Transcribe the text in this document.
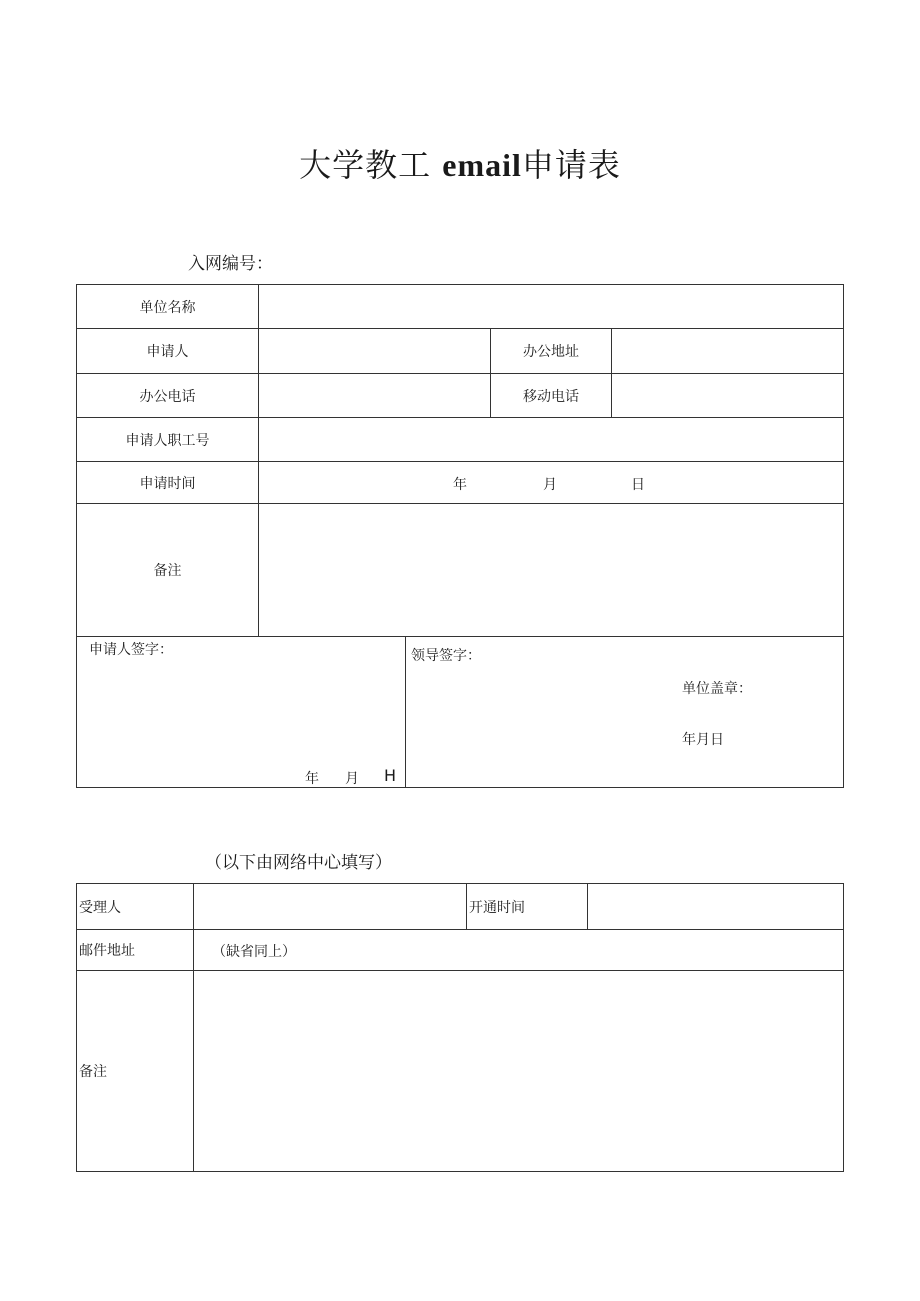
大学教工 email申请表
入网编号：
单位名称
申请人	办公地址
办公电话	移动电话
申请人职工号
申请时间	年	月	日
备注
申请人签字：
年 月 H
领导签字：
单位盖章：
年月日
（以下由网络中心填写）
受理人	开通时间
邮件地址	（缺省同上）
备注
